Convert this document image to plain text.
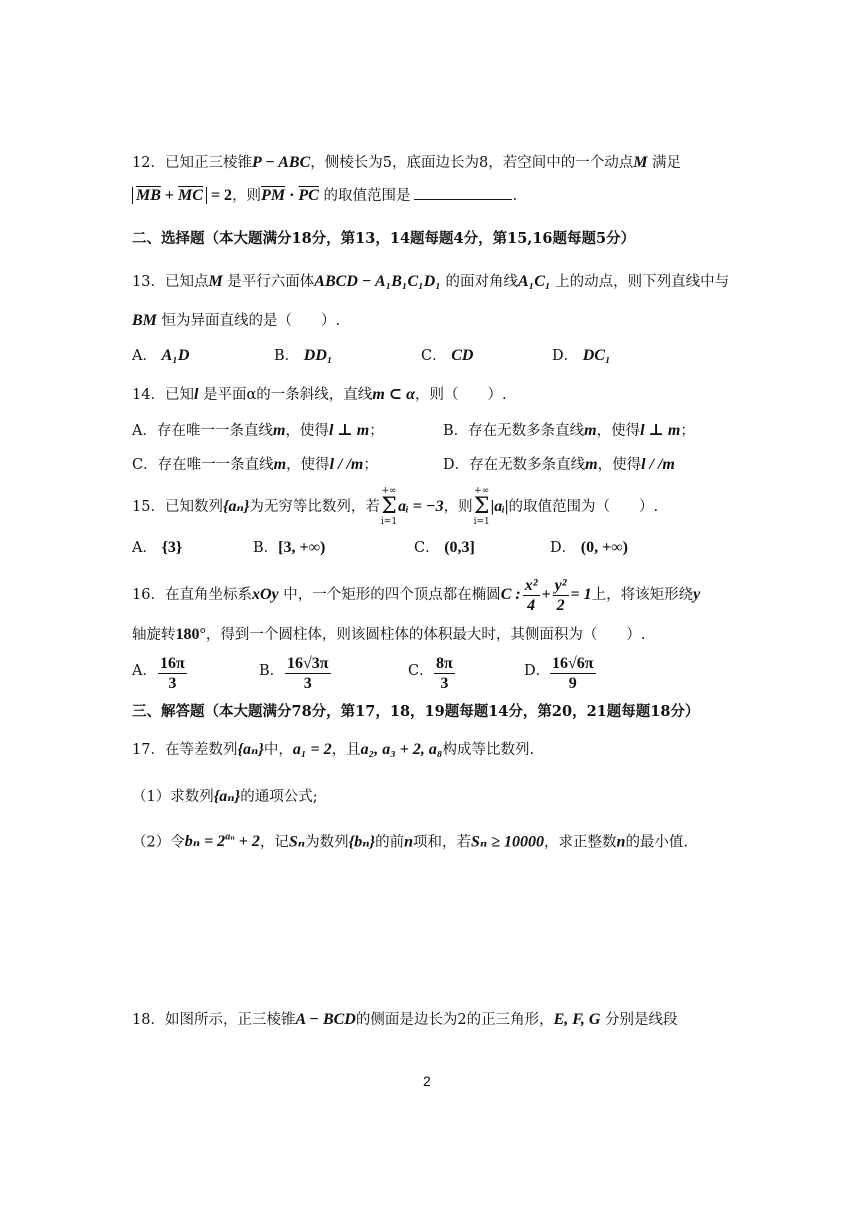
12．已知正三棱锥P − ABC，侧棱长为5，底面边长为8，若空间中的一个动点M 满足
$\overline{MB} + \overline{MC} = 2$，则$\overline{PM} \cdot \overline{PC}$ 的取值范围是	.
二、选择题（本大题满分18分，第13，14题每题4分，第15,16题每题5分）
13．已知点M 是平行六面体ABCD − A₁B₁C₁D₁ 的面对角线A₁C₁ 上的动点，则下列直线中与
BM 恒为异面直线的是（　　）.
A． A₁D	B． DD₁	C． CD	D． DC₁
14．已知l 是平面α的一条斜线，直线m ⊂ α，则（　　）.
A．存在唯一一条直线m，使得l ⊥ m；	B．存在无数多条直线m，使得l ⊥ m；
C．存在唯一一条直线m，使得l / /m；	D．存在无数多条直线m，使得l / /m
15．已知数列{aₙ}为无穷等比数列，若+∞
Σ
i=1aᵢ = −3，则+∞
Σ
i=1|aᵢ|的取值范围为（　　）.
A． {3}	B．[3, +∞)	C． (0,3]	D． (0, +∞)
16．在直角坐标系xOy 中，一个矩形的四个顶点都在椭圆C : $\frac{\text{x²}}{4} + \frac{\text{y²}}{2} = 1$上，将该矩形绕y
轴旋转180°，得到一个圆柱体，则该圆柱体的体积最大时，其侧面积为（　　）.
A． $\frac{16\pi}{3}$	B． $\frac{16√3\pi}{3}$	C． $\frac{8\pi}{3}$	D． $\frac{16√6\pi}{9}$
三、解答题（本大题满分78分，第17，18，19题每题14分，第20，21题每题18分）
17．在等差数列{aₙ}中，a₁ = 2，且a₂, a₃ + 2, a₈构成等比数列.
（1）求数列{aₙ}的通项公式;
（2）令$b_n = 2^{a_n} + 2$，记Sₙ为数列{bₙ}的前n项和，若Sₙ ≥ 10000，求正整数n的最小值.
18．如图所示，正三棱锥A − BCD的侧面是边长为2的正三角形，E, F, G 分别是线段
2
